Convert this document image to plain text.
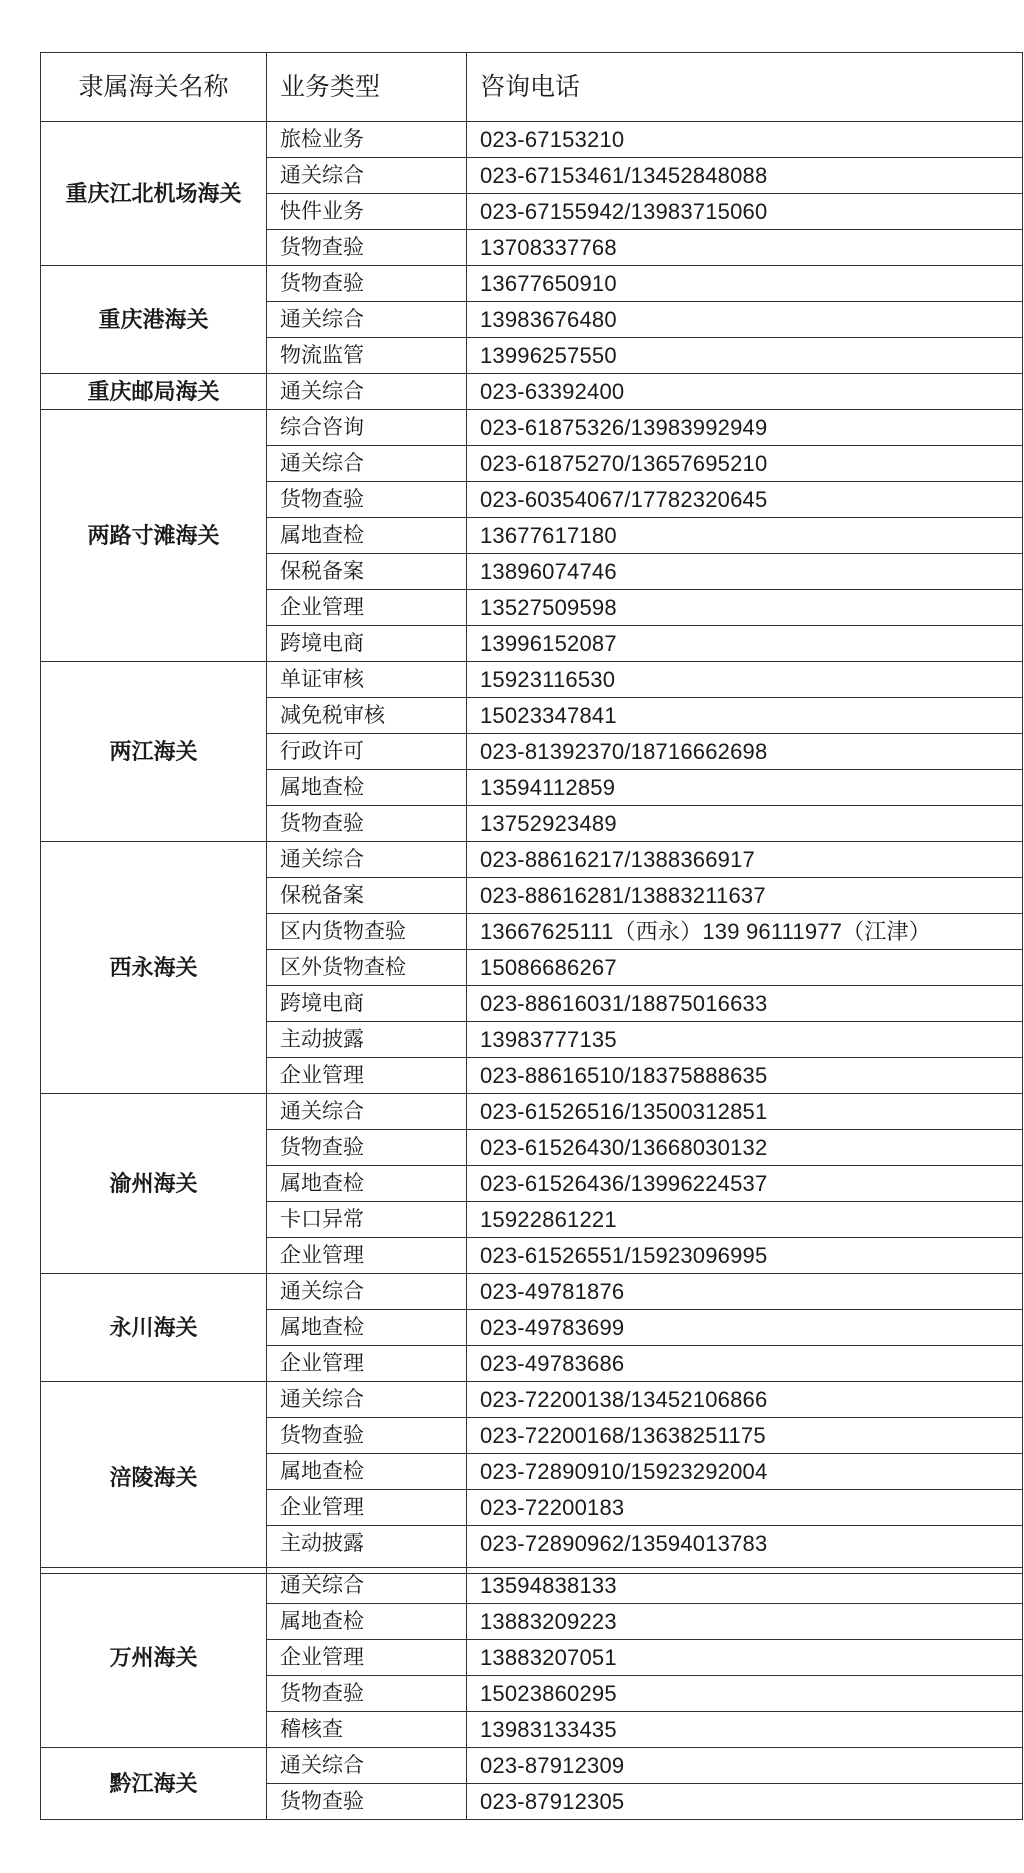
隶属海关名称	业务类型	咨询电话
重庆江北机场海关	旅检业务	023-67153210
	通关综合	023-67153461/13452848088
	快件业务	023-67155942/13983715060
	货物查验	13708337768
重庆港海关	货物查验	13677650910
	通关综合	13983676480
	物流监管	13996257550
重庆邮局海关	通关综合	023-63392400
两路寸滩海关	综合咨询	023-61875326/13983992949
	通关综合	023-61875270/13657695210
	货物查验	023-60354067/17782320645
	属地查检	13677617180
	保税备案	13896074746
	企业管理	13527509598
	跨境电商	13996152087
两江海关	单证审核	15923116530
	减免税审核	15023347841
	行政许可	023-81392370/18716662698
	属地查检	13594112859
	货物查验	13752923489
西永海关	通关综合	023-88616217/1388366917
	保税备案	023-88616281/13883211637
	区内货物查验	13667625111（西永）139 96111977（江津）
	区外货物查检	15086686267
	跨境电商	023-88616031/18875016633
	主动披露	13983777135
	企业管理	023-88616510/18375888635
渝州海关	通关综合	023-61526516/13500312851
	货物查验	023-61526430/13668030132
	属地查检	023-61526436/13996224537
	卡口异常	15922861221
	企业管理	023-61526551/15923096995
永川海关	通关综合	023-49781876
	属地查检	023-49783699
	企业管理	023-49783686
涪陵海关	通关综合	023-72200138/13452106866
	货物查验	023-72200168/13638251175
	属地查检	023-72890910/15923292004
	企业管理	023-72200183
	主动披露	023-72890962/13594013783
万州海关	通关综合	13594838133
	属地查检	13883209223
	企业管理	13883207051
	货物查验	15023860295
	稽核查	13983133435
黔江海关	通关综合	023-87912309
	货物查验	023-87912305
